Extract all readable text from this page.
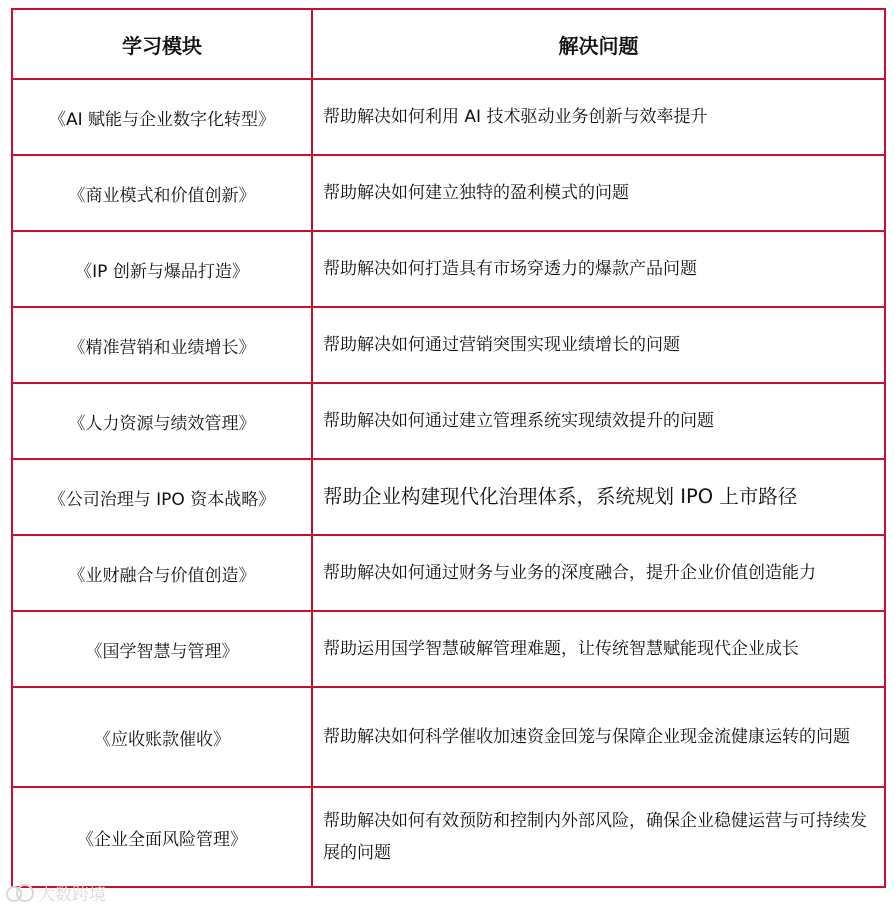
学习模块	解决问题
《AI 赋能与企业数字化转型》	帮助解决如何利用 AI 技术驱动业务创新与效率提升
《商业模式和价值创新》	帮助解决如何建立独特的盈利模式的问题
《IP 创新与爆品打造》	帮助解决如何打造具有市场穿透力的爆款产品问题
《精准营销和业绩增长》	帮助解决如何通过营销突围实现业绩增长的问题
《人力资源与绩效管理》	帮助解决如何通过建立管理系统实现绩效提升的问题
《公司治理与 IPO 资本战略》	帮助企业构建现代化治理体系，系统规划 IPO 上市路径
《业财融合与价值创造》	帮助解决如何通过财务与业务的深度融合，提升企业价值创造能力
《国学智慧与管理》	帮助运用国学智慧破解管理难题，让传统智慧赋能现代企业成长
《应收账款催收》	帮助解决如何科学催收加速资金回笼与保障企业现金流健康运转的问题
《企业全面风险管理》	帮助解决如何有效预防和控制内外部风险，确保企业稳健运营与可持续发展的问题
大数跨境
